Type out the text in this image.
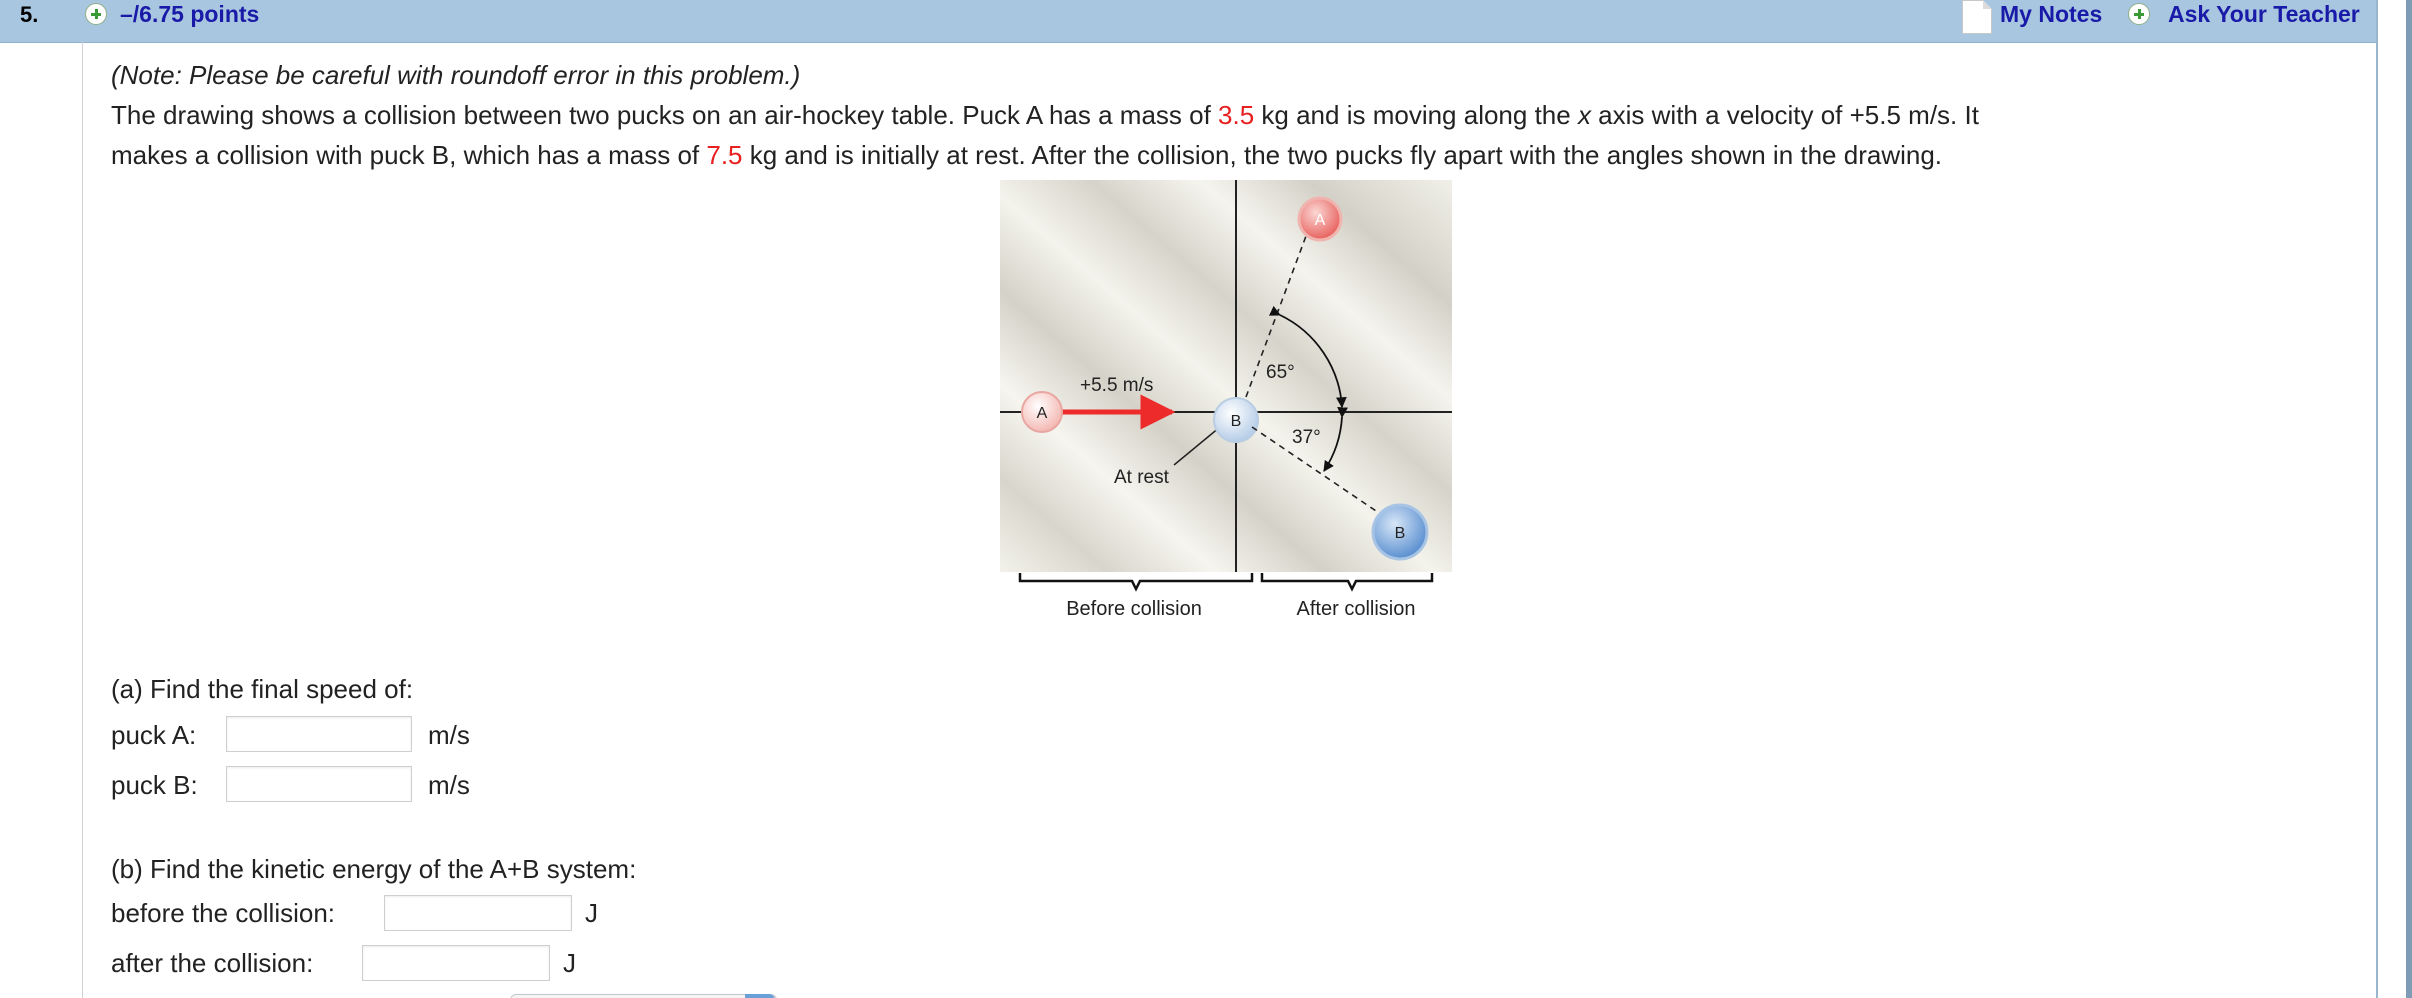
5.	–/6.75 points	My Notes	Ask Your Teacher
(Note: Please be careful with roundoff error in this problem.)
The drawing shows a collision between two pucks on an air-hockey table. Puck A has a mass of 3.5 kg and is moving along the x axis with a velocity of +5.5 m/s. It
makes a collision with puck B, which has a mass of 7.5 kg and is initially at rest. After the collision, the two pucks fly apart with the angles shown in the drawing.
+5.5 m/s
A
At rest
B
A
B
65°
37°
Before collision	After collision
(a) Find the final speed of:
puck A:	m/s
puck B:	m/s
(b) Find the kinetic energy of the A+B system:
before the collision:	J
after the collision:	J
